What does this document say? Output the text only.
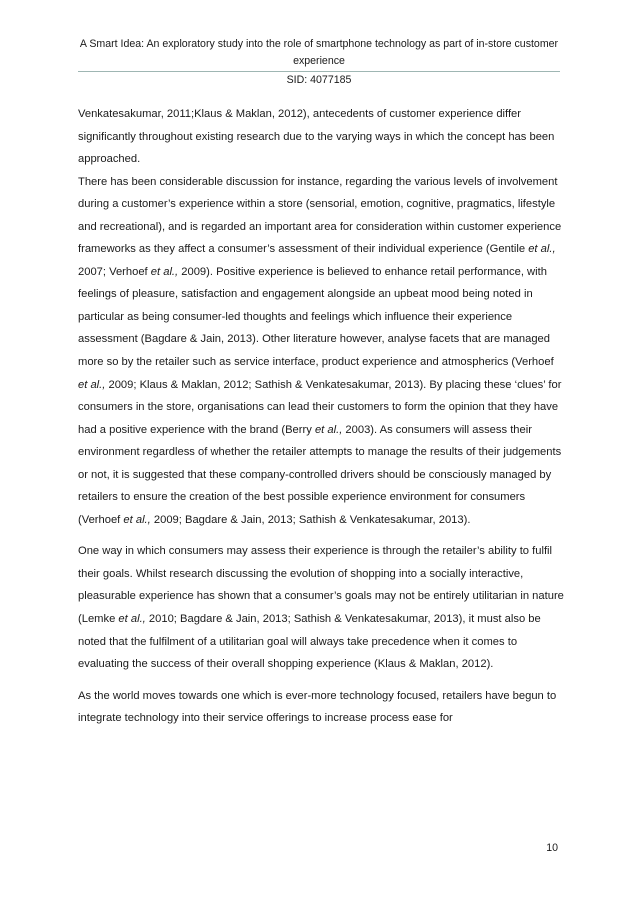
A Smart Idea: An exploratory study into the role of smartphone technology as part of in-store customer experience
SID: 4077185

Venkatesakumar, 2011;Klaus & Maklan, 2012), antecedents of customer experience differ significantly throughout existing research due to the varying ways in which the concept has been approached.

There has been considerable discussion for instance, regarding the various levels of involvement during a customer’s experience within a store (sensorial, emotion, cognitive, pragmatics, lifestyle and recreational), and is regarded an important area for consideration within customer experience frameworks as they affect a consumer’s assessment of their individual experience (Gentile et al., 2007; Verhoef et al., 2009). Positive experience is believed to enhance retail performance, with feelings of pleasure, satisfaction and engagement alongside an upbeat mood being noted in particular as being consumer-led thoughts and feelings which influence their experience assessment (Bagdare & Jain, 2013). Other literature however, analyse facets that are managed more so by the retailer such as service interface, product experience and atmospherics (Verhoef et al., 2009; Klaus & Maklan, 2012; Sathish & Venkatesakumar, 2013). By placing these ‘clues’ for consumers in the store, organisations can lead their customers to form the opinion that they have had a positive experience with the brand (Berry et al., 2003). As consumers will assess their environment regardless of whether the retailer attempts to manage the results of their judgements or not, it is suggested that these company-controlled drivers should be consciously managed by retailers to ensure the creation of the best possible experience environment for consumers (Verhoef et al., 2009; Bagdare & Jain, 2013; Sathish & Venkatesakumar, 2013).

One way in which consumers may assess their experience is through the retailer’s ability to fulfil their goals. Whilst research discussing the evolution of shopping into a socially interactive, pleasurable experience has shown that a consumer’s goals may not be entirely utilitarian in nature (Lemke et al., 2010; Bagdare & Jain, 2013; Sathish & Venkatesakumar, 2013), it must also be noted that the fulfilment of a utilitarian goal will always take precedence when it comes to evaluating the success of their overall shopping experience (Klaus & Maklan, 2012).

As the world moves towards one which is ever-more technology focused, retailers have begun to integrate technology into their service offerings to increase process ease for

10
